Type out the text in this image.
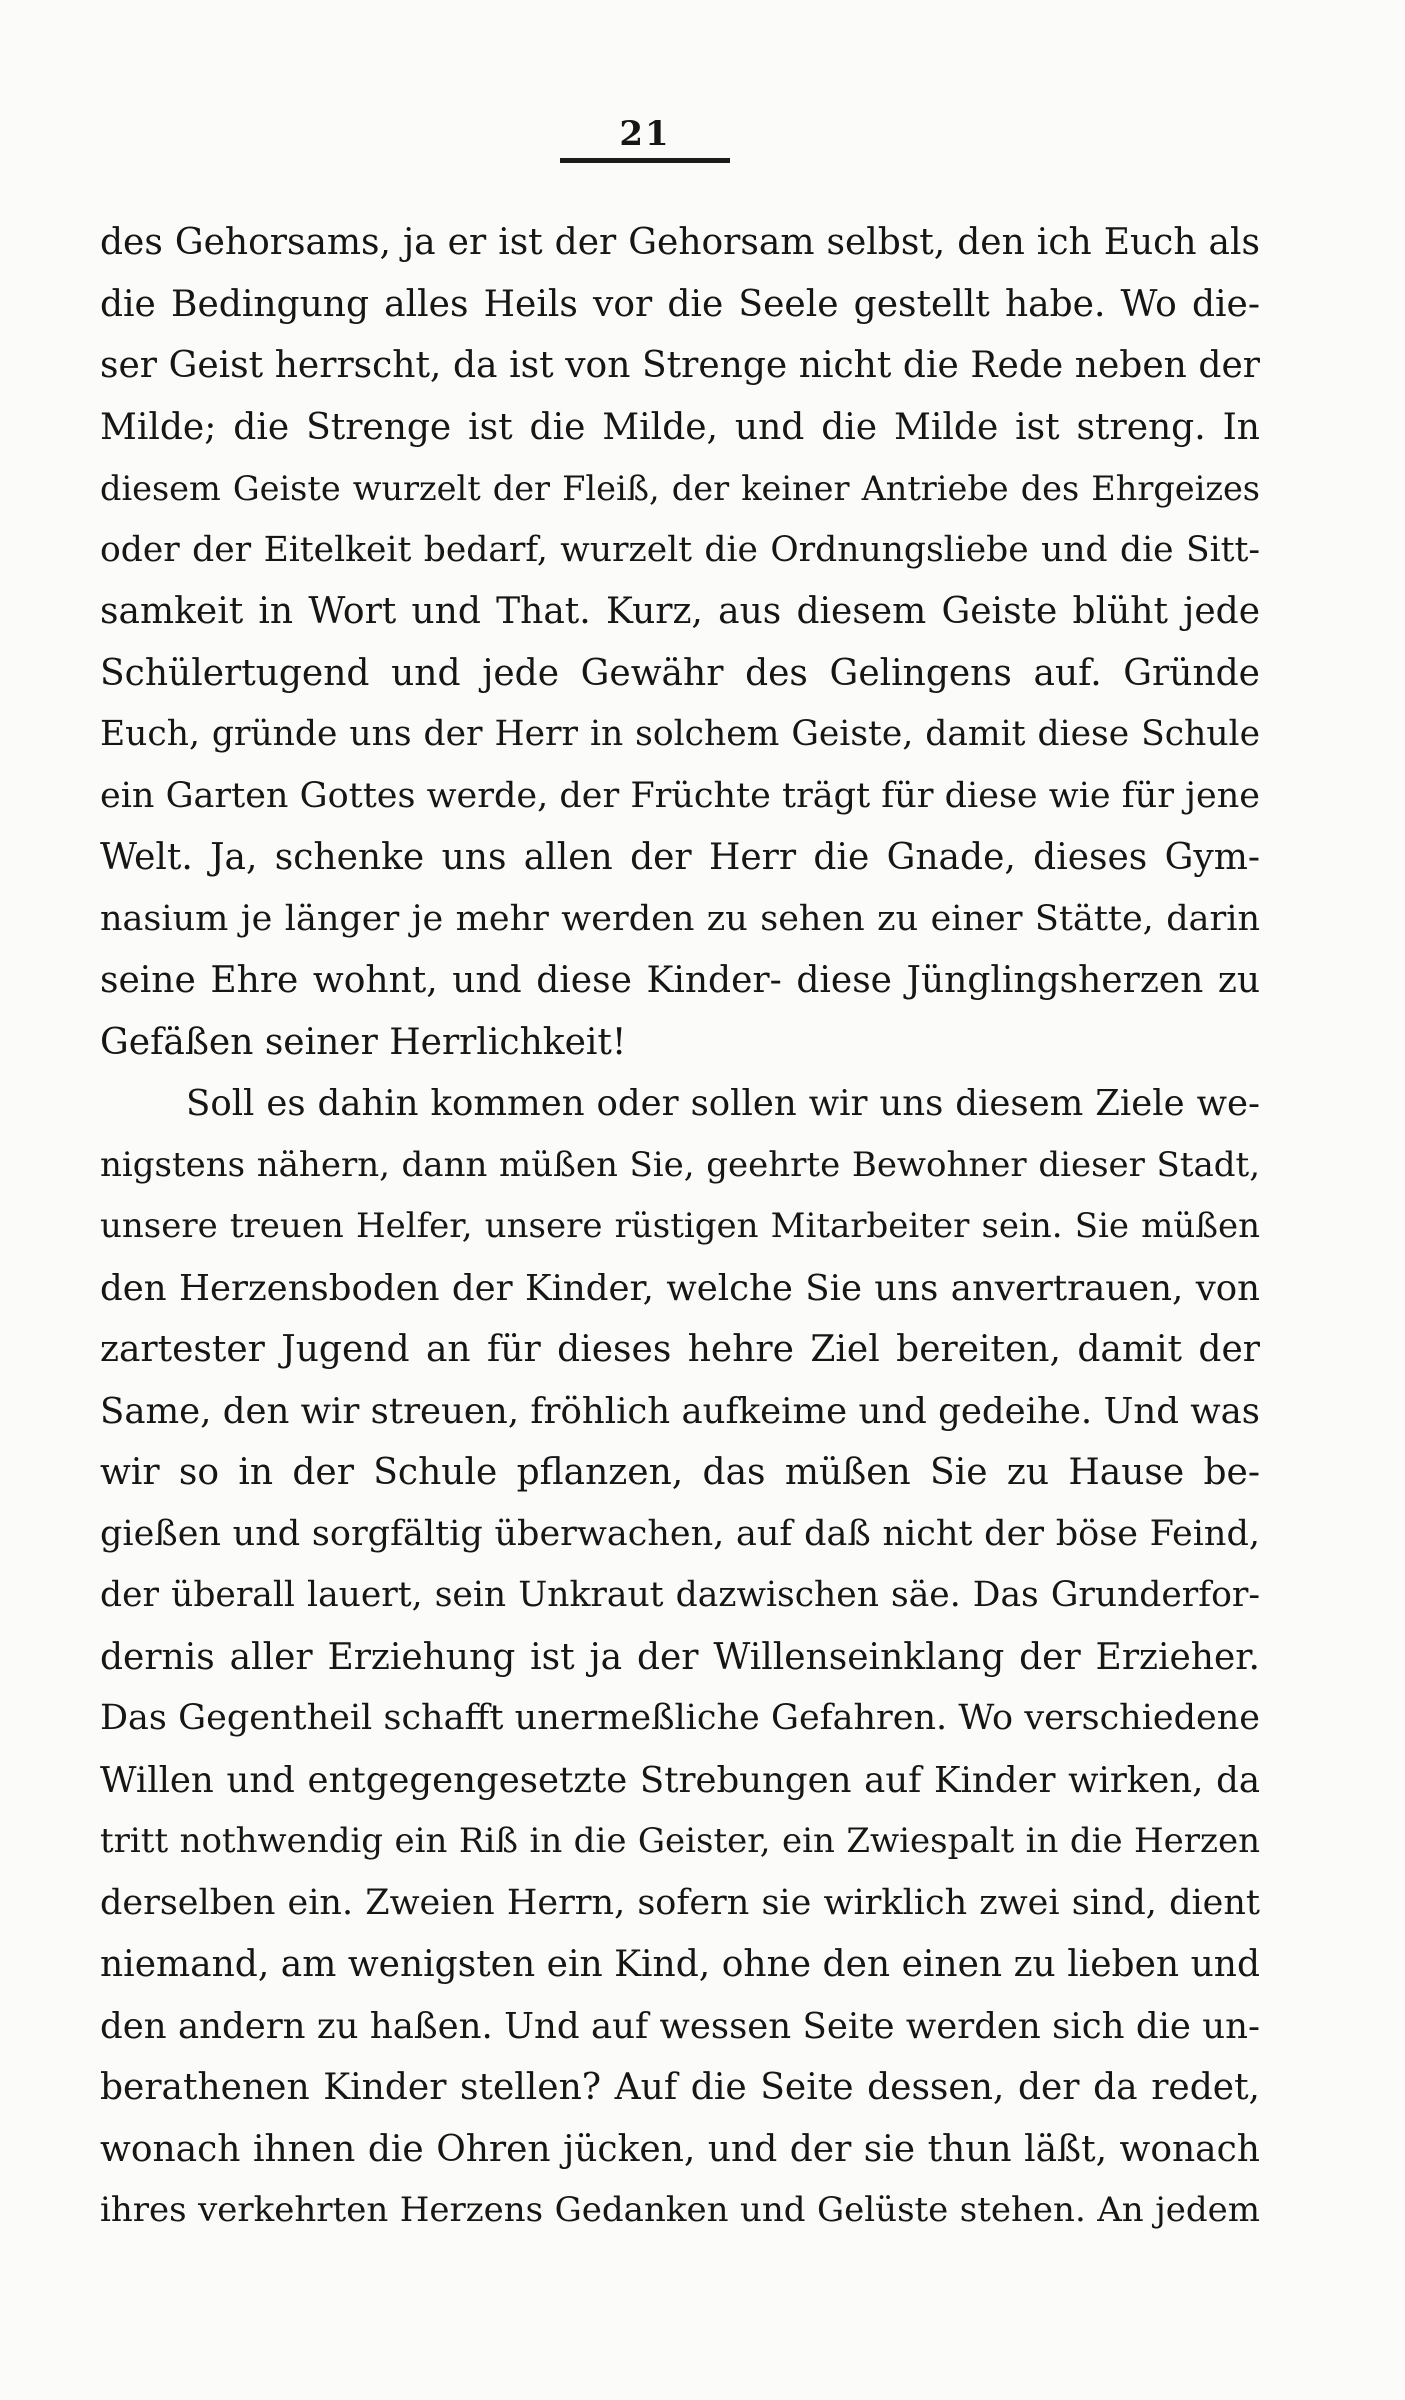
21
des Gehorsams, ja er ist der Gehorsam selbst, den ich Euch als
die Bedingung alles Heils vor die Seele gestellt habe. Wo die-
ser Geist herrscht, da ist von Strenge nicht die Rede neben der
Milde; die Strenge ist die Milde, und die Milde ist streng. In
diesem Geiste wurzelt der Fleiß, der keiner Antriebe des Ehrgeizes
oder der Eitelkeit bedarf, wurzelt die Ordnungsliebe und die Sitt-
samkeit in Wort und That. Kurz, aus diesem Geiste blüht jede
Schülertugend und jede Gewähr des Gelingens auf. Gründe
Euch, gründe uns der Herr in solchem Geiste, damit diese Schule
ein Garten Gottes werde, der Früchte trägt für diese wie für jene
Welt. Ja, schenke uns allen der Herr die Gnade, dieses Gym-
nasium je länger je mehr werden zu sehen zu einer Stätte, darin
seine Ehre wohnt, und diese Kinder- diese Jünglingsherzen zu
Gefäßen seiner Herrlichkeit!
Soll es dahin kommen oder sollen wir uns diesem Ziele we-
nigstens nähern, dann müßen Sie, geehrte Bewohner dieser Stadt,
unsere treuen Helfer, unsere rüstigen Mitarbeiter sein. Sie müßen
den Herzensboden der Kinder, welche Sie uns anvertrauen, von
zartester Jugend an für dieses hehre Ziel bereiten, damit der
Same, den wir streuen, fröhlich aufkeime und gedeihe. Und was
wir so in der Schule pflanzen, das müßen Sie zu Hause be-
gießen und sorgfältig überwachen, auf daß nicht der böse Feind,
der überall lauert, sein Unkraut dazwischen säe. Das Grunderfor-
dernis aller Erziehung ist ja der Willenseinklang der Erzieher.
Das Gegentheil schafft unermeßliche Gefahren. Wo verschiedene
Willen und entgegengesetzte Strebungen auf Kinder wirken, da
tritt nothwendig ein Riß in die Geister, ein Zwiespalt in die Herzen
derselben ein. Zweien Herrn, sofern sie wirklich zwei sind, dient
niemand, am wenigsten ein Kind, ohne den einen zu lieben und
den andern zu haßen. Und auf wessen Seite werden sich die un-
berathenen Kinder stellen? Auf die Seite dessen, der da redet,
wonach ihnen die Ohren jücken, und der sie thun läßt, wonach
ihres verkehrten Herzens Gedanken und Gelüste stehen. An jedem
